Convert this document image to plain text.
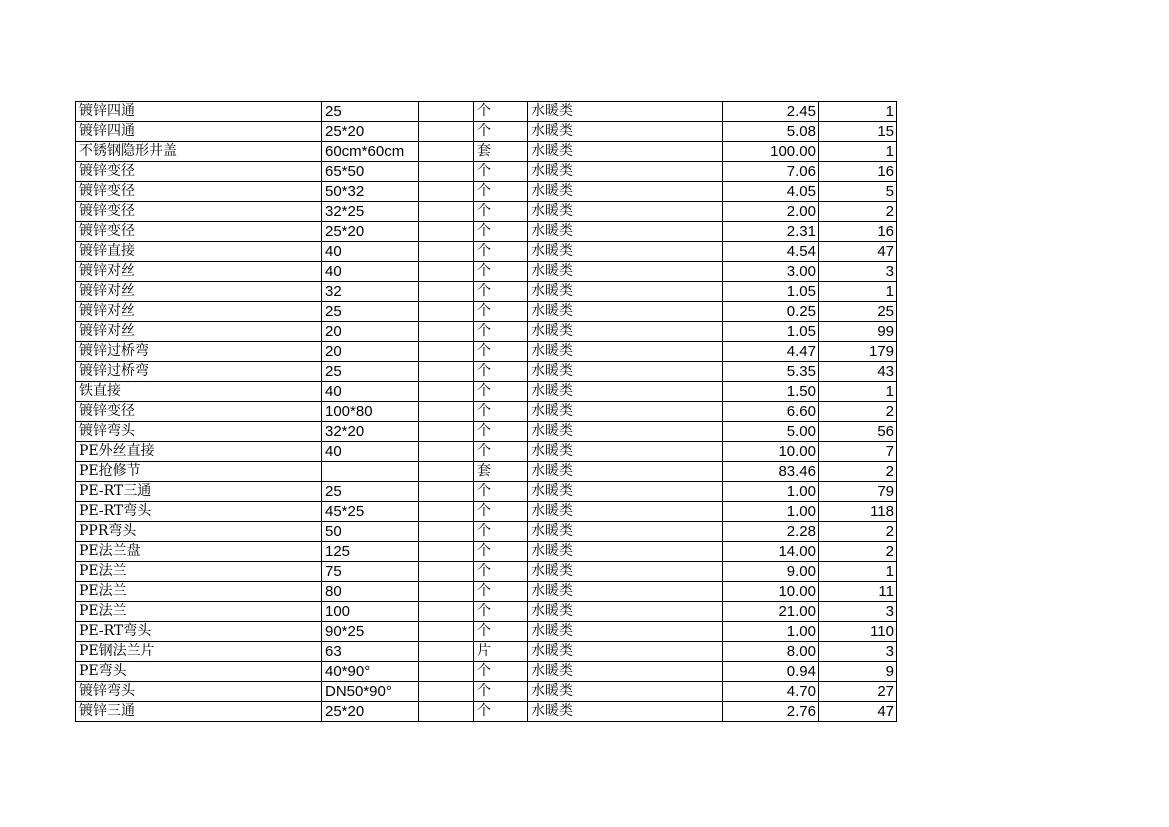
镀锌四通	25		个	水暖类	2.45	1
镀锌四通	25*20		个	水暖类	5.08	15
不锈钢隐形井盖	60cm*60cm		套	水暖类	100.00	1
镀锌变径	65*50		个	水暖类	7.06	16
镀锌变径	50*32		个	水暖类	4.05	5
镀锌变径	32*25		个	水暖类	2.00	2
镀锌变径	25*20		个	水暖类	2.31	16
镀锌直接	40		个	水暖类	4.54	47
镀锌对丝	40		个	水暖类	3.00	3
镀锌对丝	32		个	水暖类	1.05	1
镀锌对丝	25		个	水暖类	0.25	25
镀锌对丝	20		个	水暖类	1.05	99
镀锌过桥弯	20		个	水暖类	4.47	179
镀锌过桥弯	25		个	水暖类	5.35	43
铁直接	40		个	水暖类	1.50	1
镀锌变径	100*80		个	水暖类	6.60	2
镀锌弯头	32*20		个	水暖类	5.00	56
PE外丝直接	40		个	水暖类	10.00	7
PE抢修节			套	水暖类	83.46	2
PE-RT三通	25		个	水暖类	1.00	79
PE-RT弯头	45*25		个	水暖类	1.00	118
PPR弯头	50		个	水暖类	2.28	2
PE法兰盘	125		个	水暖类	14.00	2
PE法兰	75		个	水暖类	9.00	1
PE法兰	80		个	水暖类	10.00	11
PE法兰	100		个	水暖类	21.00	3
PE-RT弯头	90*25		个	水暖类	1.00	110
PE钢法兰片	63		片	水暖类	8.00	3
PE弯头	40*90°		个	水暖类	0.94	9
镀锌弯头	DN50*90°		个	水暖类	4.70	27
镀锌三通	25*20		个	水暖类	2.76	47
